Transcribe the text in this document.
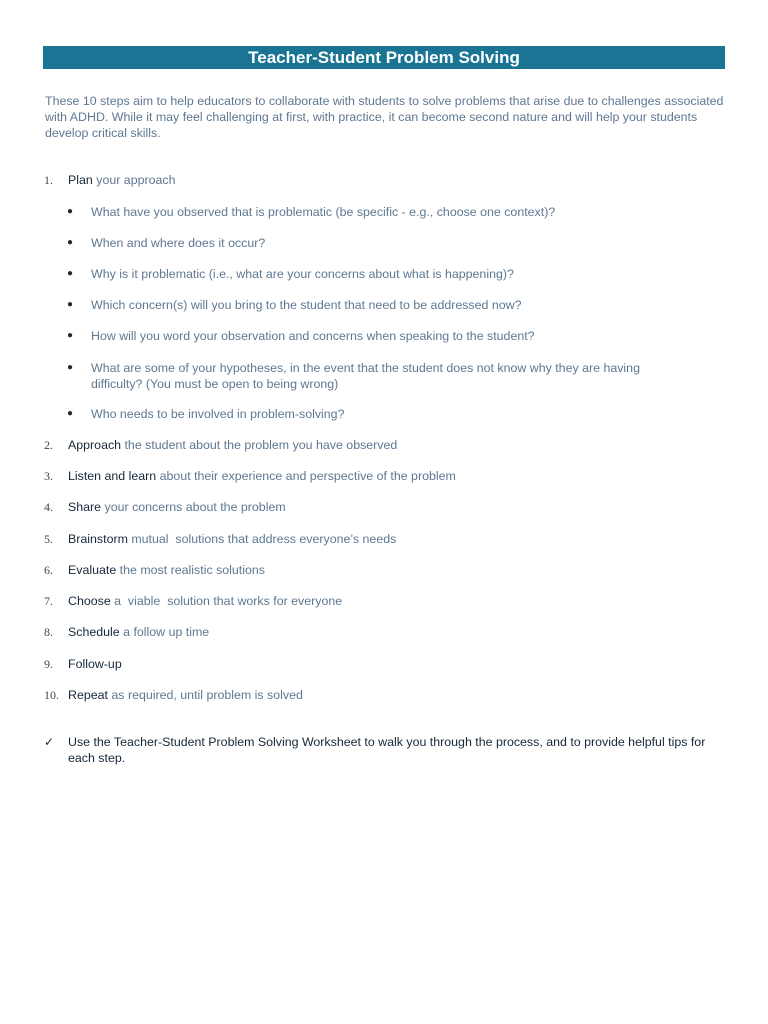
Teacher-Student Problem Solving
These 10 steps aim to help educators to collaborate with students to solve problems that arise due to challenges associated with ADHD. While it may feel challenging at first, with practice, it can become second nature and will help your students develop critical skills.
1.	Plan your approach
● What have you observed that is problematic (be specific - e.g., choose one context)?
● When and where does it occur?
● Why is it problematic (i.e., what are your concerns about what is happening)?
● Which concern(s) will you bring to the student that need to be addressed now?
● How will you word your observation and concerns when speaking to the student?
● What are some of your hypotheses, in the event that the student does not know why they are having difficulty? (You must be open to being wrong)
● Who needs to be involved in problem-solving?
2.	Approach the student about the problem you have observed
3.	Listen and learn about their experience and perspective of the problem
4.	Share your concerns about the problem
5.	Brainstorm mutual  solutions that address everyone’s needs
6.	Evaluate the most realistic solutions
7.	Choose a  viable  solution that works for everyone
8.	Schedule a follow up time
9.	Follow-up
10. Repeat as required, until problem is solved
✓ Use the Teacher-Student Problem Solving Worksheet to walk you through the process, and to provide helpful tips for each step.
